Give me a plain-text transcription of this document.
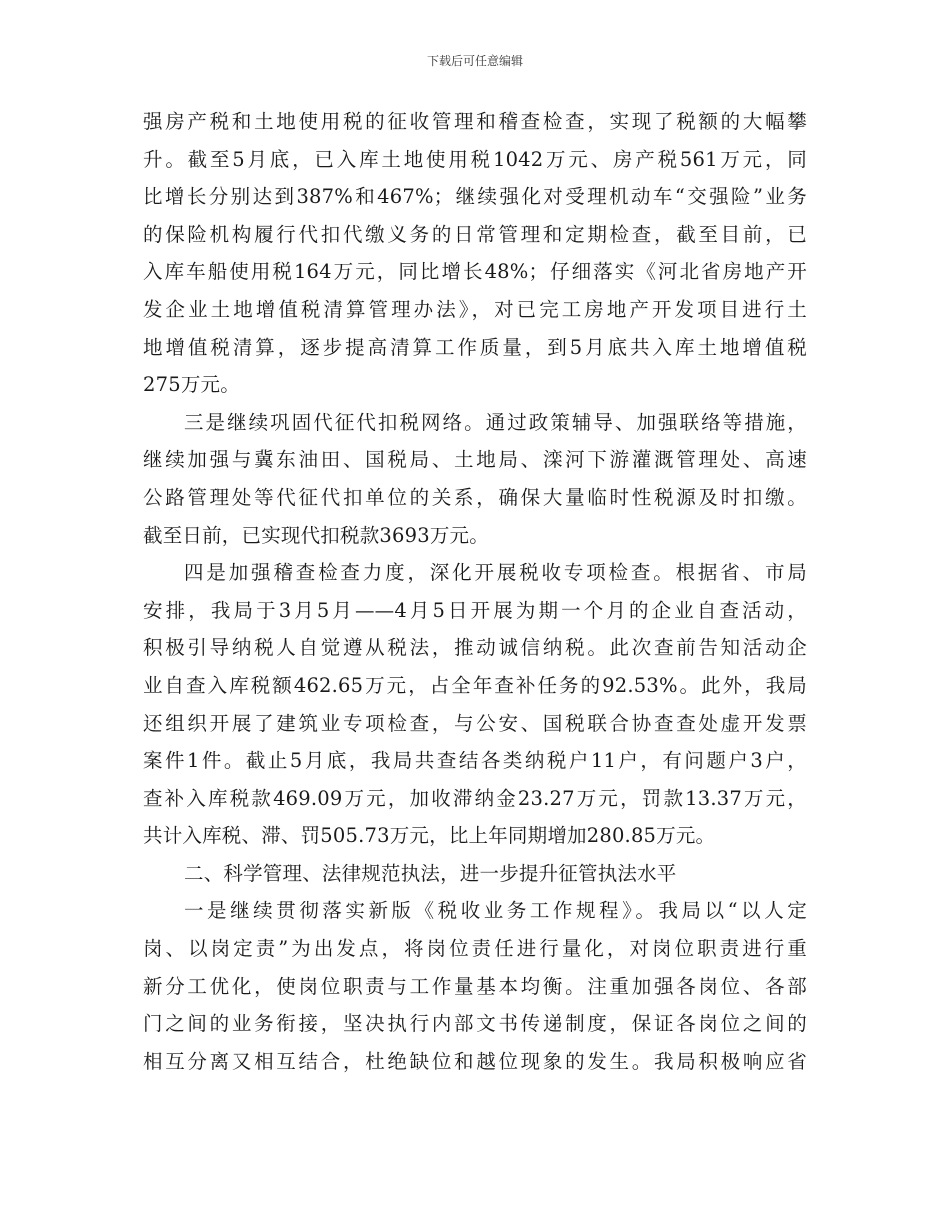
下载后可任意编辑
强房产税和土地使用税的征收管理和稽查检查，实现了税额的大幅攀
升。截至5月底，已入库土地使用税1042万元、房产税561万元，同
比增长分别达到387%和467%；继续强化对受理机动车“交强险”业务
的保险机构履行代扣代缴义务的日常管理和定期检查，截至目前，已
入库车船使用税164万元，同比增长48%；仔细落实《河北省房地产开
发企业土地增值税清算管理办法》，对已完工房地产开发项目进行土
地增值税清算，逐步提高清算工作质量，到5月底共入库土地增值税
275万元。
三是继续巩固代征代扣税网络。通过政策辅导、加强联络等措施，
继续加强与冀东油田、国税局、土地局、滦河下游灌溉管理处、高速
公路管理处等代征代扣单位的关系，确保大量临时性税源及时扣缴。
截至日前，已实现代扣税款3693万元。
四是加强稽查检查力度，深化开展税收专项检查。根据省、市局
安排，我局于3月5月——4月5日开展为期一个月的企业自查活动，
积极引导纳税人自觉遵从税法，推动诚信纳税。此次查前告知活动企
业自查入库税额462.65万元，占全年查补任务的92.53%。此外，我局
还组织开展了建筑业专项检查，与公安、国税联合协查查处虚开发票
案件1件。截止5月底，我局共查结各类纳税户11户，有问题户3户，
查补入库税款469.09万元，加收滞纳金23.27万元，罚款13.37万元，
共计入库税、滞、罚505.73万元，比上年同期增加280.85万元。
二、科学管理、法律规范执法，进一步提升征管执法水平
一是继续贯彻落实新版《税收业务工作规程》。我局以“以人定
岗、以岗定责”为出发点，将岗位责任进行量化，对岗位职责进行重
新分工优化，使岗位职责与工作量基本均衡。注重加强各岗位、各部
门之间的业务衔接，坚决执行内部文书传递制度，保证各岗位之间的
相互分离又相互结合，杜绝缺位和越位现象的发生。我局积极响应省
